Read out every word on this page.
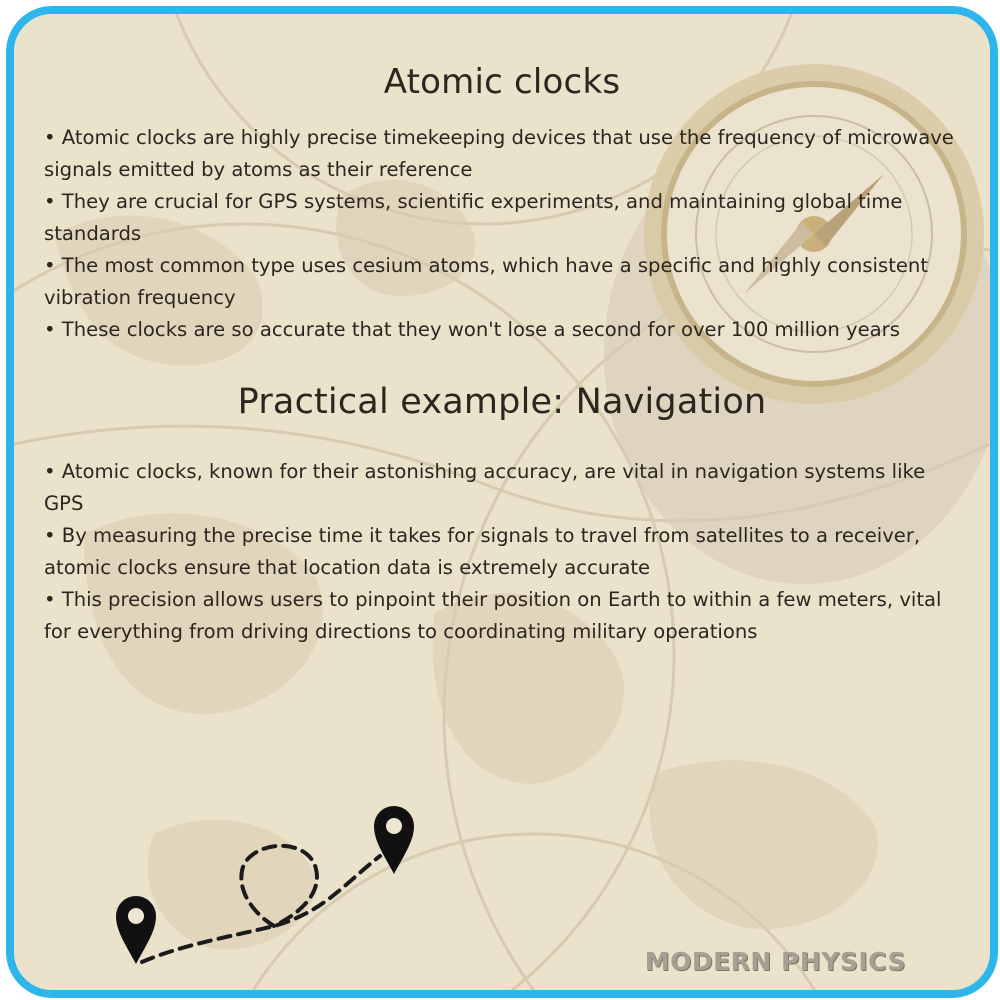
Atomic clocks

• Atomic clocks are highly precise timekeeping devices that use the frequency of microwave signals emitted by atoms as their reference

• They are crucial for GPS systems, scientific experiments, and maintaining global time standards

• The most common type uses cesium atoms, which have a specific and highly consistent vibration frequency

• These clocks are so accurate that they won't lose a second for over 100 million years

Practical example: Navigation

• Atomic clocks, known for their astonishing accuracy, are vital in navigation systems like GPS

• By measuring the precise time it takes for signals to travel from satellites to a receiver, atomic clocks ensure that location data is extremely accurate

• This precision allows users to pinpoint their position on Earth to within a few meters, vital for everything from driving directions to coordinating military operations

MODERN PHYSICS
